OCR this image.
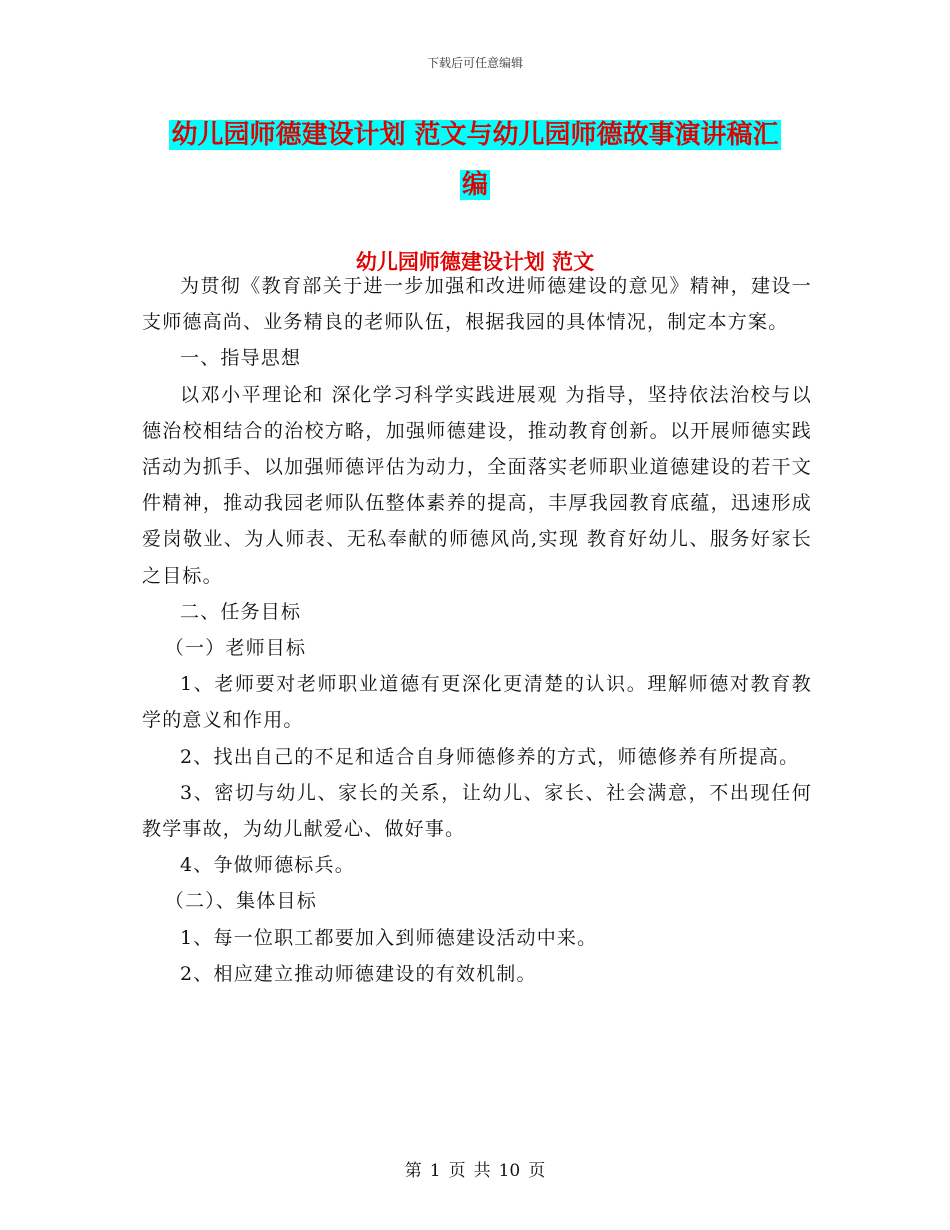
下载后可任意编辑
幼儿园师德建设计划 范文与幼儿园师德故事演讲稿汇
编
幼儿园师德建设计划 范文

为贯彻《教育部关于进一步加强和改进师德建设的意见》精神，建设一支师德高尚、业务精良的老师队伍，根据我园的具体情况，制定本方案。

一、指导思想

以邓小平理论和 深化学习科学实践进展观 为指导，坚持依法治校与以德治校相结合的治校方略，加强师德建设，推动教育创新。以开展师德实践活动为抓手、以加强师德评估为动力，全面落实老师职业道德建设的若干文件精神，推动我园老师队伍整体素养的提高，丰厚我园教育底蕴，迅速形成爱岗敬业、为人师表、无私奉献的师德风尚,实现 教育好幼儿、服务好家长 之目标。

二、任务目标

（一）老师目标

1、老师要对老师职业道德有更深化更清楚的认识。理解师德对教育教学的意义和作用。

2、找出自己的不足和适合自身师德修养的方式，师德修养有所提高。

3、密切与幼儿、家长的关系，让幼儿、家长、社会满意，不出现任何教学事故，为幼儿献爱心、做好事。

4、争做师德标兵。

（二）、集体目标

1、每一位职工都要加入到师德建设活动中来。

2、相应建立推动师德建设的有效机制。

第 1 页 共 10 页
